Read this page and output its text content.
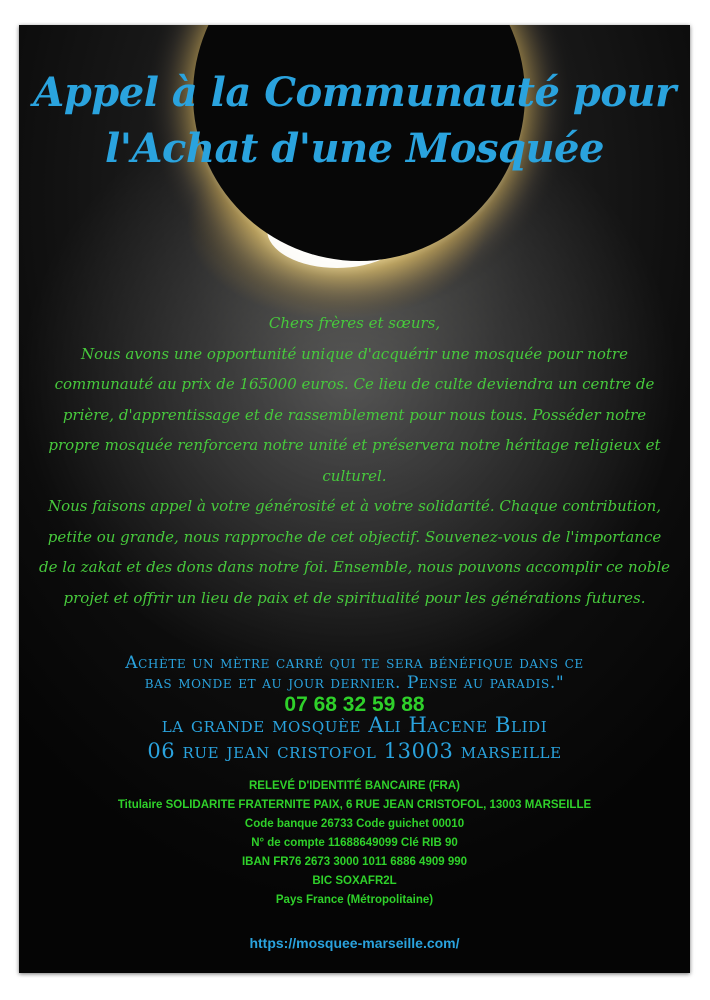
Appel à la Communauté pour
l'Achat d'une Mosquée

Chers frères et sœurs,

Nous avons une opportunité unique d'acquérir une mosquée pour notre communauté au prix de 165000 euros. Ce lieu de culte deviendra un centre de prière, d'apprentissage et de rassemblement pour nous tous. Posséder notre propre mosquée renforcera notre unité et préservera notre héritage religieux et culturel.

Nous faisons appel à votre générosité et à votre solidarité. Chaque contribution, petite ou grande, nous rapproche de cet objectif. Souvenez-vous de l'importance de la zakat et des dons dans notre foi. Ensemble, nous pouvons accomplir ce noble projet et offrir un lieu de paix et de spiritualité pour les générations futures.

Achète un mètre carré qui te sera bénéfique dans ce
bas monde et au jour dernier. Pense au paradis."
07 68 32 59 88
la grande mosquèe Ali Hacene Blidi
06 rue jean cristofol 13003 marseille
RELEVÉ D'IDENTITÉ BANCAIRE (FRA)
Titulaire SOLIDARITE FRATERNITE PAIX, 6 RUE JEAN CRISTOFOL, 13003 MARSEILLE
Code banque 26733 Code guichet 00010
N° de compte 11688649099 Clé RIB 90
IBAN FR76 2673 3000 1011 6886 4909 990
BIC SOXAFR2L
Pays France (Métropolitaine)
https://mosquee-marseille.com/
